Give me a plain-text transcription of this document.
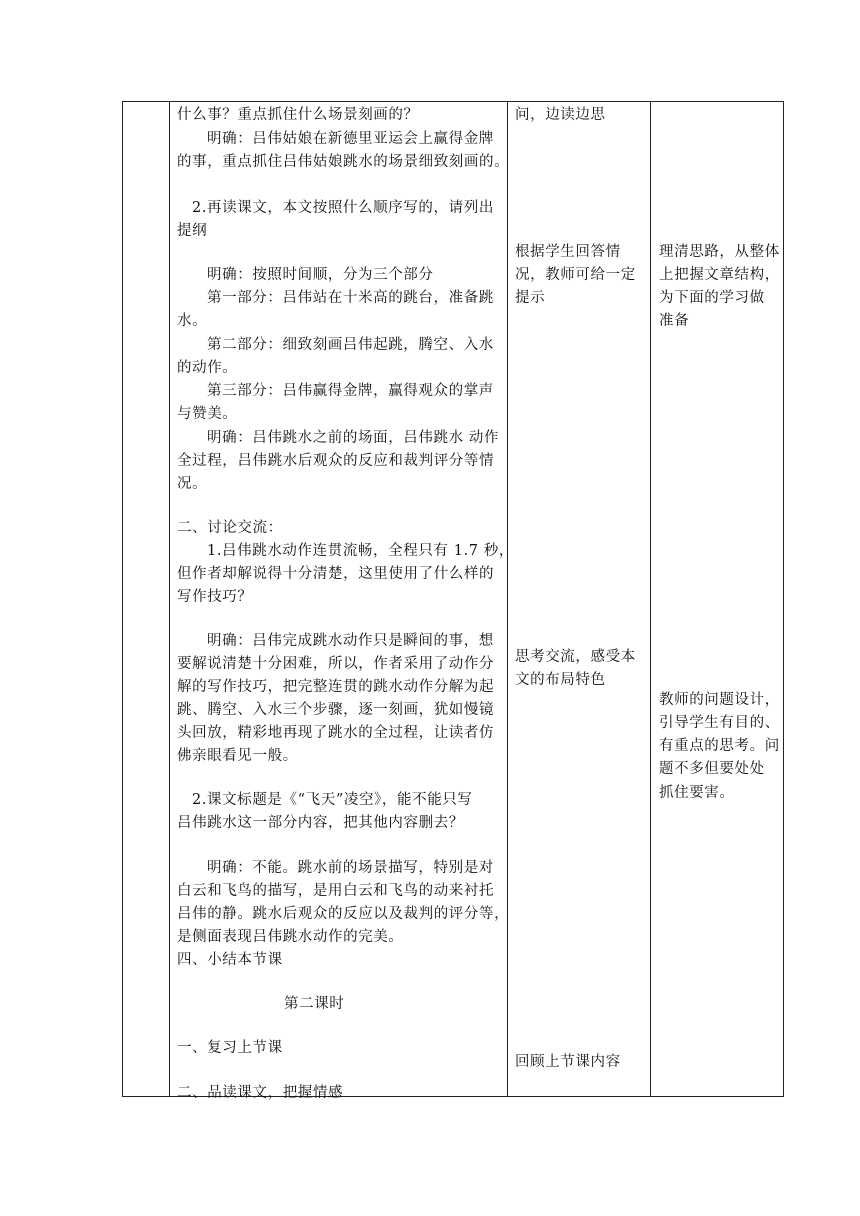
什么事？重点抓住什么场景刻画的？
明确：吕伟姑娘在新德里亚运会上赢得金牌
的事，重点抓住吕伟姑娘跳水的场景细致刻画的。
2.再读课文，本文按照什么顺序写的，请列出
提纲
明确：按照时间顺，分为三个部分
第一部分：吕伟站在十米高的跳台，准备跳
水。
第二部分：细致刻画吕伟起跳，腾空、入水
的动作。
第三部分：吕伟赢得金牌，赢得观众的掌声
与赞美。
明确：吕伟跳水之前的场面，吕伟跳水 动作
全过程，吕伟跳水后观众的反应和裁判评分等情
况。
二、讨论交流：
1.吕伟跳水动作连贯流畅，全程只有 1.7 秒，
但作者却解说得十分清楚，这里使用了什么样的
写作技巧？
明确：吕伟完成跳水动作只是瞬间的事，想
要解说清楚十分困难，所以，作者采用了动作分
解的写作技巧，把完整连贯的跳水动作分解为起
跳、腾空、入水三个步骤，逐一刻画，犹如慢镜
头回放，精彩地再现了跳水的全过程，让读者仿
佛亲眼看见一般。
2.课文标题是《“飞天”凌空》，能不能只写
吕伟跳水这一部分内容，把其他内容删去？
明确：不能。跳水前的场景描写，特别是对
白云和飞鸟的描写，是用白云和飞鸟的动来衬托
吕伟的静。跳水后观众的反应以及裁判的评分等，
是侧面表现吕伟跳水动作的完美。
四、小结本节课
第二课时
一、复习上节课
二、品读课文，把握情感
问，边读边思
根据学生回答情
况，教师可给一定
提示
思考交流，感受本
文的布局特色
回顾上节课内容
理清思路，从整体
上把握文章结构，
为下面的学习做
准备
教师的问题设计，
引导学生有目的、
有重点的思考。问
题不多但要处处
抓住要害。
